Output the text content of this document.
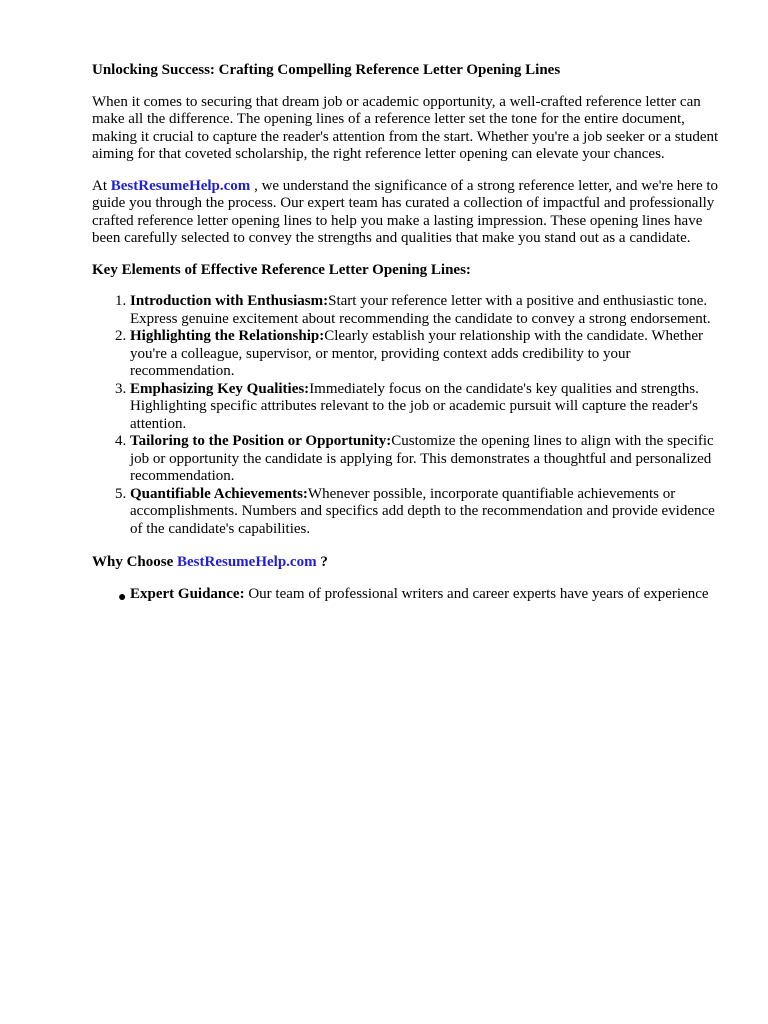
Unlocking Success: Crafting Compelling Reference Letter Opening Lines

When it comes to securing that dream job or academic opportunity, a well-crafted reference letter can make all the difference. The opening lines of a reference letter set the tone for the entire document, making it crucial to capture the reader's attention from the start. Whether you're a job seeker or a student aiming for that coveted scholarship, the right reference letter opening can elevate your chances.

At BestResumeHelp.com , we understand the significance of a strong reference letter, and we're here to guide you through the process. Our expert team has curated a collection of impactful and professionally crafted reference letter opening lines to help you make a lasting impression. These opening lines have been carefully selected to convey the strengths and qualities that make you stand out as a candidate.

Key Elements of Effective Reference Letter Opening Lines:
1. Introduction with Enthusiasm:Start your reference letter with a positive and enthusiastic tone. Express genuine excitement about recommending the candidate to convey a strong endorsement.
2. Highlighting the Relationship:Clearly establish your relationship with the candidate. Whether you're a colleague, supervisor, or mentor, providing context adds credibility to your recommendation.
3. Emphasizing Key Qualities:Immediately focus on the candidate's key qualities and strengths. Highlighting specific attributes relevant to the job or academic pursuit will capture the reader's attention.
4. Tailoring to the Position or Opportunity:Customize the opening lines to align with the specific job or opportunity the candidate is applying for. This demonstrates a thoughtful and personalized recommendation.
5. Quantifiable Achievements:Whenever possible, incorporate quantifiable achievements or accomplishments. Numbers and specifics add depth to the recommendation and provide evidence of the candidate's capabilities.
Why Choose BestResumeHelp.com ?
● Expert Guidance: Our team of professional writers and career experts have years of experience
